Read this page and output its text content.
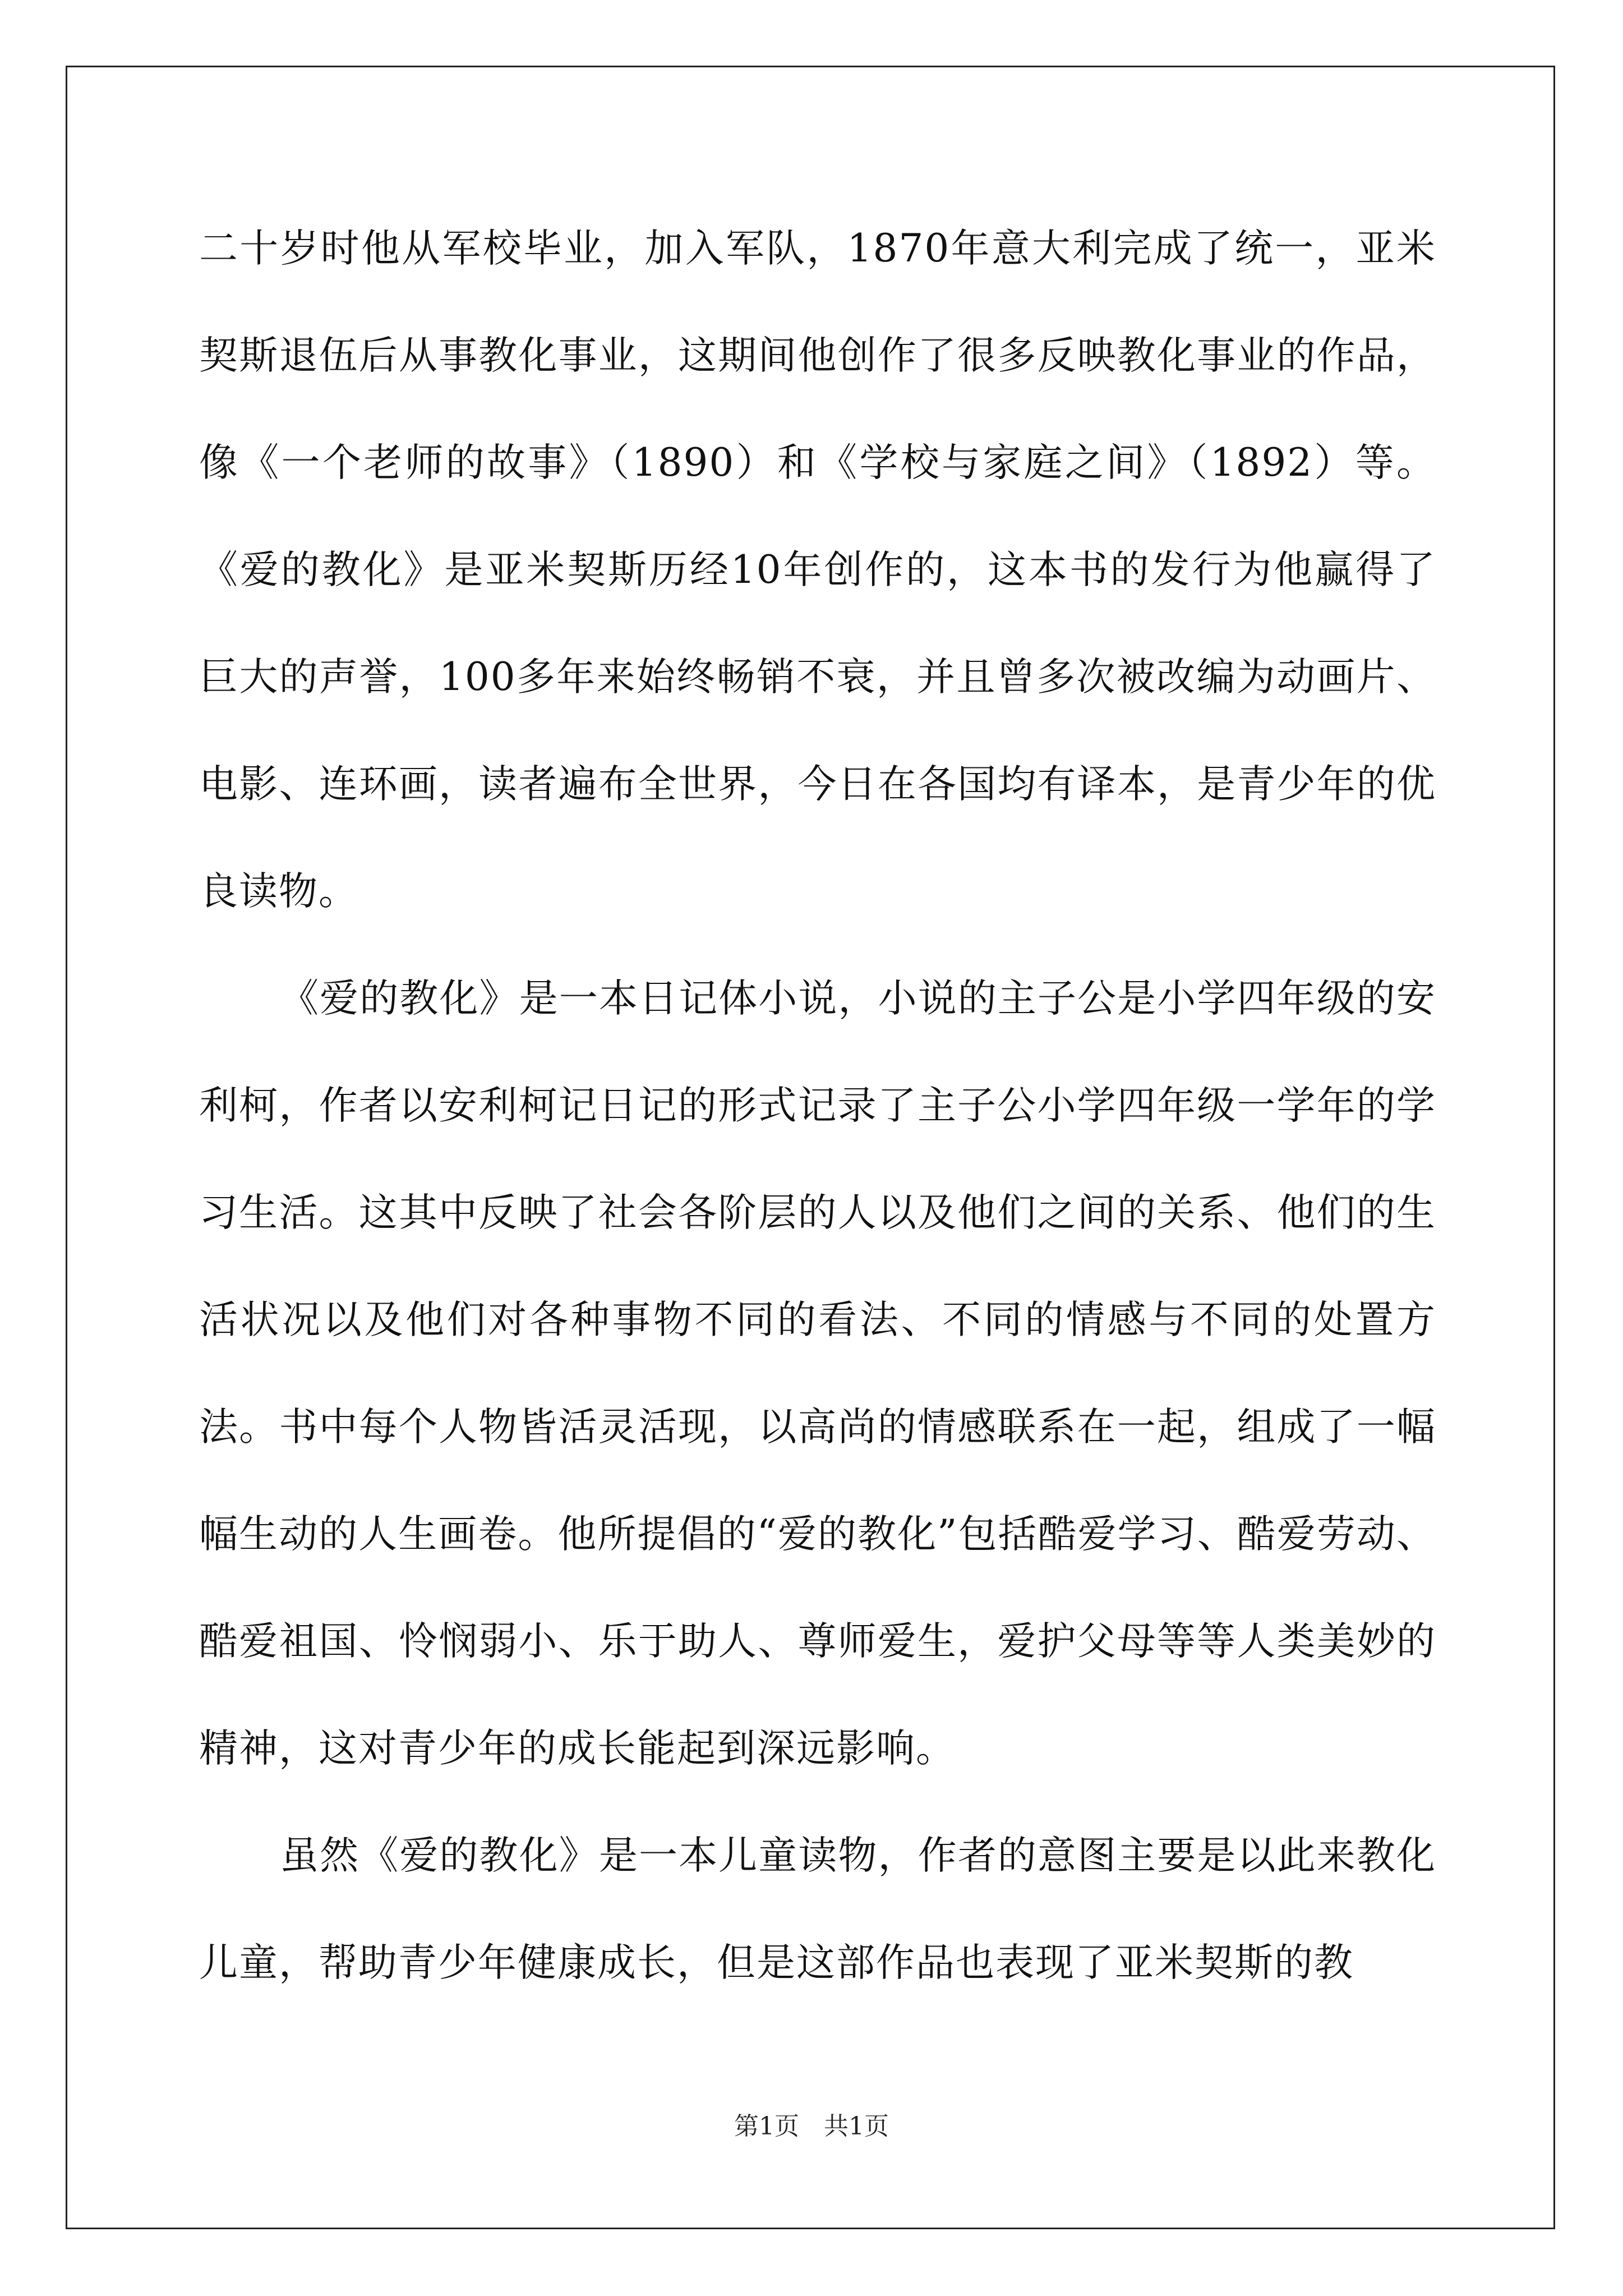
二十岁时他从军校毕业，加入军队，1870年意大利完成了统一，亚米契斯退伍后从事教化事业，这期间他创作了很多反映教化事业的作品，像《一个老师的故事》（1890）和《学校与家庭之间》（1892）等。《爱的教化》是亚米契斯历经10年创作的，这本书的发行为他赢得了巨大的声誉，100多年来始终畅销不衰，并且曾多次被改编为动画片、电影、连环画，读者遍布全世界，今日在各国均有译本，是青少年的优良读物。

《爱的教化》是一本日记体小说，小说的主子公是小学四年级的安利柯，作者以安利柯记日记的形式记录了主子公小学四年级一学年的学习生活。这其中反映了社会各阶层的人以及他们之间的关系、他们的生活状况以及他们对各种事物不同的看法、不同的情感与不同的处置方法。书中每个人物皆活灵活现，以高尚的情感联系在一起，组成了一幅幅生动的人生画卷。他所提倡的“爱的教化”包括酷爱学习、酷爱劳动、酷爱祖国、怜悯弱小、乐于助人、尊师爱生，爱护父母等等人类美妙的精神，这对青少年的成长能起到深远影响。

虽然《爱的教化》是一本儿童读物，作者的意图主要是以此来教化儿童，帮助青少年健康成长，但是这部作品也表现了亚米契斯的教

第1页　共1页
